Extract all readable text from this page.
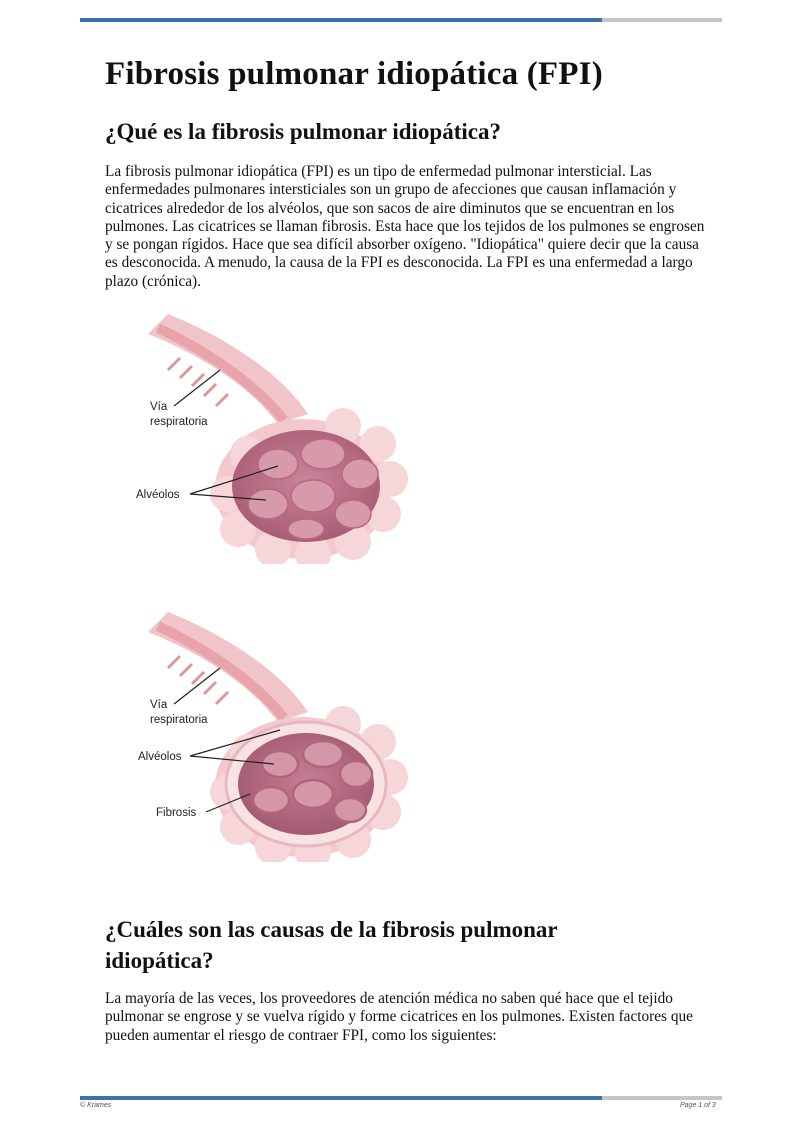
Fibrosis pulmonar idiopática (FPI)
¿Qué es la fibrosis pulmonar idiopática?

La fibrosis pulmonar idiopática (FPI) es un tipo de enfermedad pulmonar intersticial. Las enfermedades pulmonares intersticiales son un grupo de afecciones que causan inflamación y cicatrices alrededor de los alvéolos, que son sacos de aire diminutos que se encuentran en los pulmones. Las cicatrices se llaman fibrosis. Esta hace que los tejidos de los pulmones se engrosen y se pongan rígidos. Hace que sea difícil absorber oxígeno. "Idiopática" quiere decir que la causa es desconocida. A menudo, la causa de la FPI es desconocida. La FPI es una enfermedad a largo plazo (crónica).

Vía
respiratoria
Alvéolos
Vía
respiratoria
Alvéolos
Fibrosis
¿Cuáles son las causas de la fibrosis pulmonar idiopática?

La mayoría de las veces, los proveedores de atención médica no saben qué hace que el tejido pulmonar se engrose y se vuelva rígido y forme cicatrices en los pulmones. Existen factores que pueden aumentar el riesgo de contraer FPI, como los siguientes:

© Krames	Page 1 of 3
